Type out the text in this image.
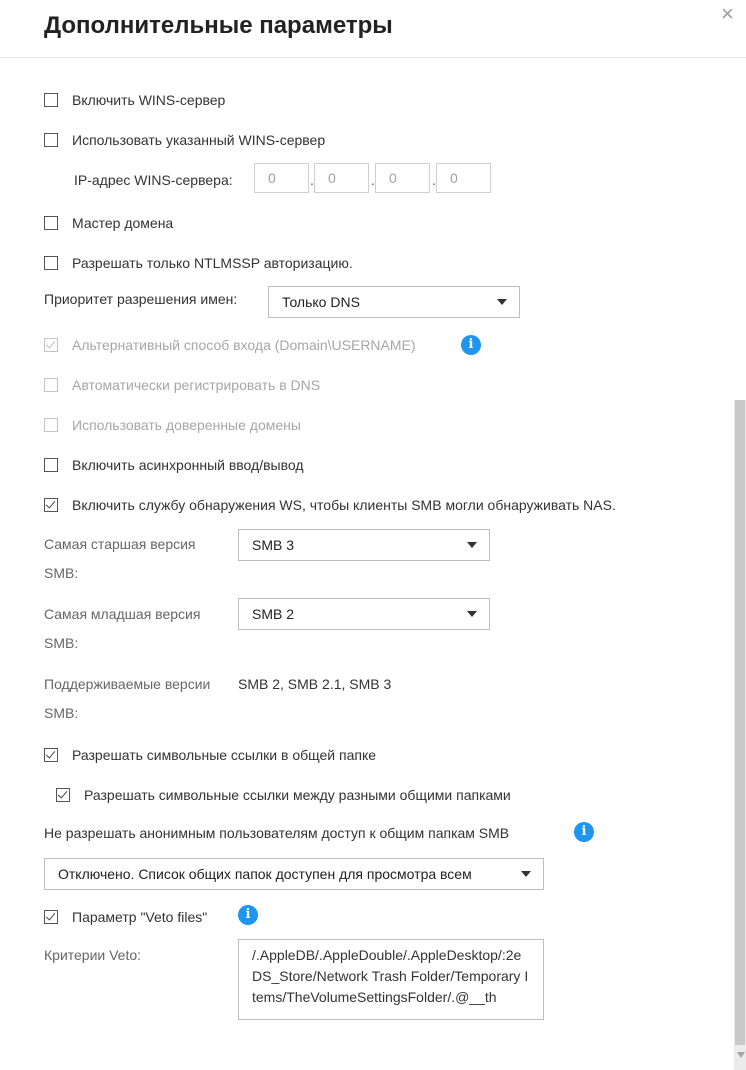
Дополнительные параметры	×
Включить WINS-сервер
Использовать указанный WINS-сервер
IP-адрес WINS-сервера:	0	.	0	.	0	.	0
Мастер домена
Разрешать только NTLMSSP авторизацию.
Приоритет разрешения имен:	Только DNS
Альтернативный способ входа (Domain\USERNAME)	i
Автоматически регистрировать в DNS
Использовать доверенные домены
Включить асинхронный ввод/вывод
Включить службу обнаружения WS, чтобы клиенты SMB могли обнаруживать NAS.
Самая старшая версия
SMB:
SMB 3
Самая младшая версия
SMB:
SMB 2
Поддерживаемые версии
SMB:
SMB 2, SMB 2.1, SMB 3
Разрешать символьные ссылки в общей папке
Разрешать символьные ссылки между разными общими папками
Не разрешать анонимным пользователям доступ к общим папкам SMB	i
Отключено. Список общих папок доступен для просмотра всем
Параметр "Veto files"	i
Критерии Veto:	/.AppleDB/.AppleDouble/.AppleDesktop/:2eDS_Store/Network Trash Folder/Temporary Items/TheVolumeSettingsFolder/.@__th
